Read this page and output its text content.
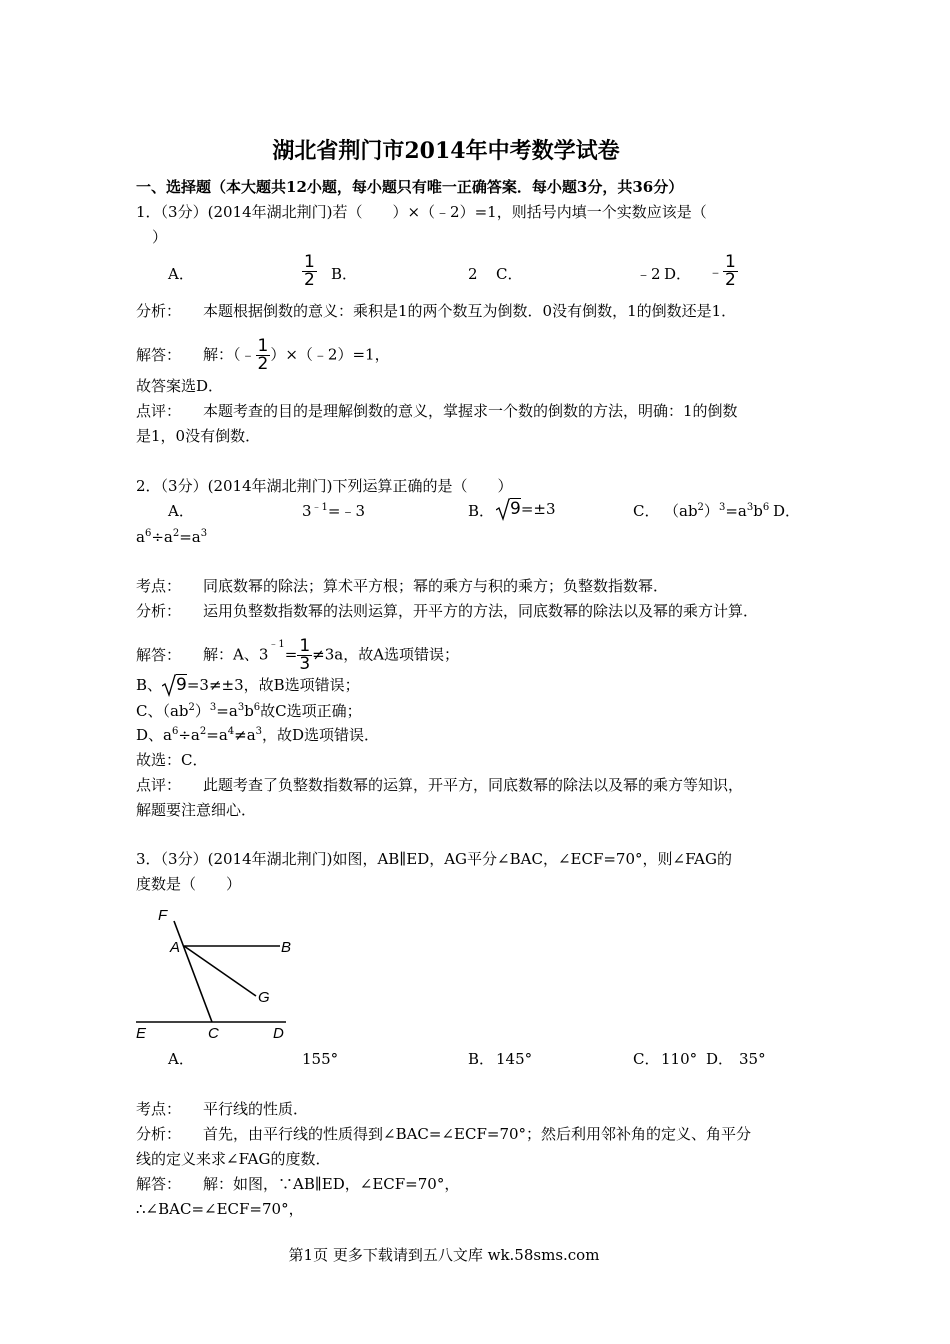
湖北省荆门市2014年中考数学试卷
一、选择题（本大题共12小题，每小题只有唯一正确答案．每小题3分，共36分）
1．（3分）(2014年湖北荆门)若（　　）×（﹣2）=1，则括号内填一个实数应该是（
）
A．	$\frac{1}{2}$ B．	2 C．	﹣2 D． ﹣ $\frac{1}{2}$
分析： 本题根据倒数的意义：乘积是1的两个数互为倒数．0没有倒数，1的倒数还是1．
解答： 解：（﹣ $\frac{1}{2}$ ）×（﹣2）=1，
故答案选D．
点评： 本题考查的目的是理解倒数的意义，掌握求一个数的倒数的方法，明确：1的倒数
是1，0没有倒数．
2．（3分）(2014年湖北荆门)下列运算正确的是（　　）
A．	$3^{﹣1}=﹣3$	B． 9=±3	C． $(ab^2)^3=a^3b^6$ D．
$a^6\div a^2=a^3$
考点： 同底数幂的除法；算术平方根；幂的乘方与积的乘方；负整数指数幂．
分析： 运用负整数指数幂的法则运算，开平方的方法，同底数幂的除法以及幂的乘方计算．
解答： 解：A、$3^{﹣1}= \frac{1}{3} \ne 3a$，故A选项错误；
B、 9=3≠±3，故B选项错误；
C、$(ab^2)^3=a^3b^6$故C选项正确；
D、$a^6\div a^2=a^4\ne a^3$，故D选项错误．
故选：C．
点评： 此题考查了负整数指数幂的运算，开平方，同底数幂的除法以及幂的乘方等知识，
解题要注意细心．
3．（3分）(2014年湖北荆门)如图，AB∥ED，AG平分∠BAC，∠ECF=70°，则∠FAG的
度数是（　　）
F
A	B
G
E	C	D
A．	155°	B． 145°	C． 110° D． 35°
考点： 平行线的性质．
分析： 首先，由平行线的性质得到∠BAC=∠ECF=70°；然后利用邻补角的定义、角平分
线的定义来求∠FAG的度数．
解答： 解：如图，∵AB∥ED，∠ECF=70°，
∴∠BAC=∠ECF=70°，
第1页 更多下载请到五八文库 wk.58sms.com
